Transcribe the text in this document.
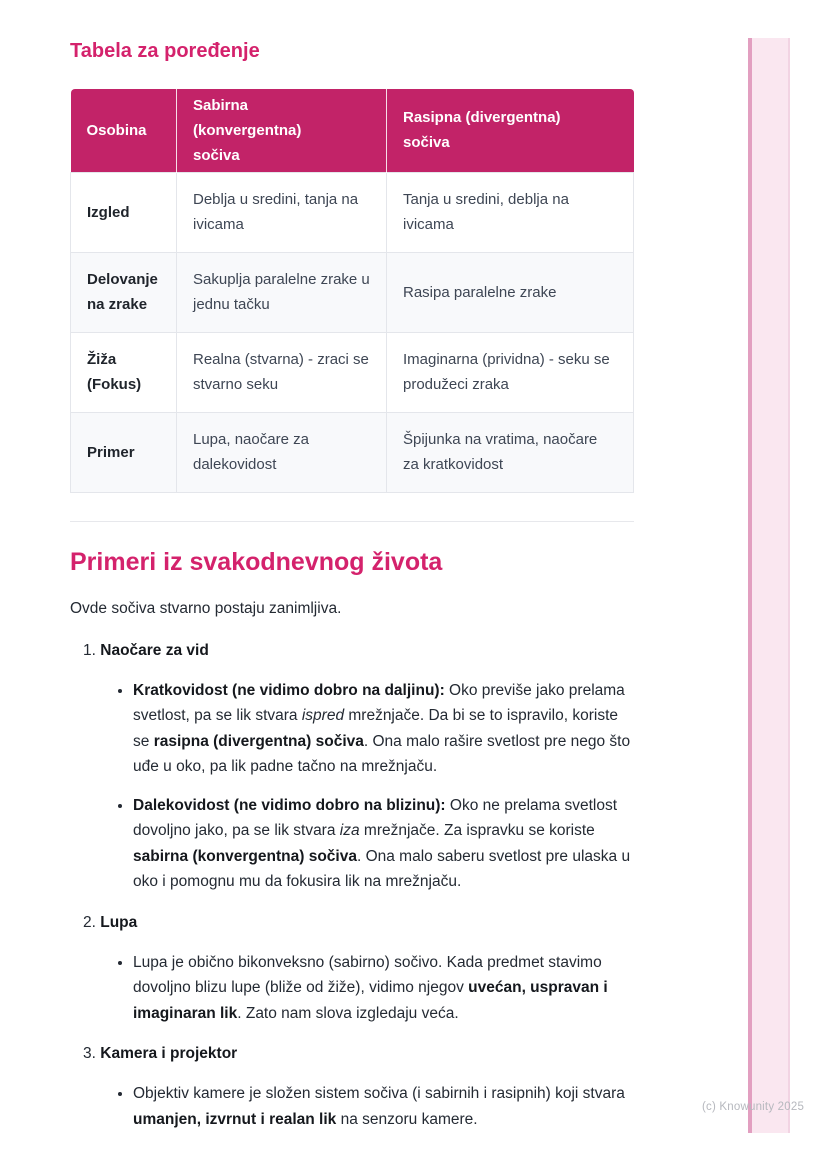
(c) Knowunity 2025
Tabela za poređenje
Osobina	Sabirna (konvergentna) sočiva	Rasipna (divergentna) sočiva
Izgled	Deblja u sredini, tanja na ivicama	Tanja u sredini, deblja na ivicama
Delovanje na zrake	Sakuplja paralelne zrake u jednu tačku	Rasipa paralelne zrake
Žiža (Fokus)	Realna (stvarna) - zraci se stvarno seku	Imaginarna (prividna) - seku se produžeci zraka
Primer	Lupa, naočare za dalekovidost	Špijunka na vratima, naočare za kratkovidost
Primeri iz svakodnevnog života

Ovde sočiva stvarno postaju zanimljiva.

1. Naočare za vid
• Kratkovidost (ne vidimo dobro na daljinu): Oko previše jako prelama svetlost, pa se lik stvara ispred mrežnjače. Da bi se to ispravilo, koriste se rasipna (divergentna) sočiva. Ona malo rašire svetlost pre nego što uđe u oko, pa lik padne tačno na mrežnjaču.
• Dalekovidost (ne vidimo dobro na blizinu): Oko ne prelama svetlost dovoljno jako, pa se lik stvara iza mrežnjače. Za ispravku se koriste sabirna (konvergentna) sočiva. Ona malo saberu svetlost pre ulaska u oko i pomognu mu da fokusira lik na mrežnjaču.
2. Lupa
• Lupa je obično bikonveksno (sabirno) sočivo. Kada predmet stavimo dovoljno blizu lupe (bliže od žiže), vidimo njegov uvećan, uspravan i imaginaran lik. Zato nam slova izgledaju veća.
3. Kamera i projektor
• Objektiv kamere je složen sistem sočiva (i sabirnih i rasipnih) koji stvara umanjen, izvrnut i realan lik na senzoru kamere.
